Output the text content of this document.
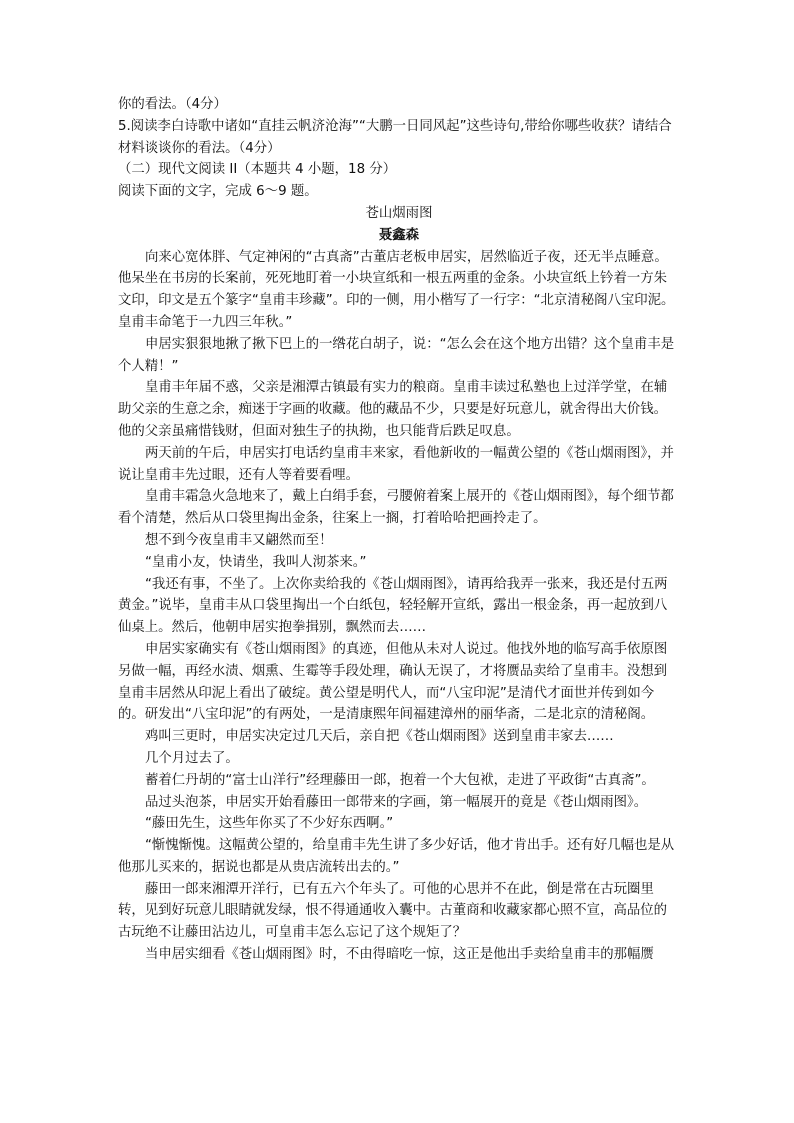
你的看法。（4分）

5.阅读李白诗歌中诸如“直挂云帆济沧海”“大鹏一日同风起”这些诗句,带给你哪些收获？请结合材料谈谈你的看法。（4分）

（二）现代文阅读 II（本题共 4 小题，18 分）

阅读下面的文字，完成 6～9 题。

苍山烟雨图

聂鑫森

向来心宽体胖、气定神闲的“古真斋”古董店老板申居实，居然临近子夜，还无半点睡意。他呆坐在书房的长案前，死死地盯着一小块宣纸和一根五两重的金条。小块宣纸上钤着一方朱文印，印文是五个篆字“皇甫丰珍藏”。印的一侧，用小楷写了一行字：“北京清秘阁八宝印泥。皇甫丰命笔于一九四三年秋。”

申居实狠狠地揪了揪下巴上的一绺花白胡子，说：“怎么会在这个地方出错？这个皇甫丰是个人精！”

皇甫丰年届不惑，父亲是湘潭古镇最有实力的粮商。皇甫丰读过私塾也上过洋学堂，在辅助父亲的生意之余，痴迷于字画的收藏。他的藏品不少，只要是好玩意儿，就舍得出大价钱。他的父亲虽痛惜钱财，但面对独生子的执拗，也只能背后跌足叹息。

两天前的午后，申居实打电话约皇甫丰来家，看他新收的一幅黄公望的《苍山烟雨图》，并说让皇甫丰先过眼，还有人等着要看哩。

皇甫丰霜急火急地来了，戴上白绢手套，弓腰俯着案上展开的《苍山烟雨图》，每个细节都看个清楚，然后从口袋里掏出金条，往案上一搁，打着哈哈把画拎走了。

想不到今夜皇甫丰又翩然而至！

“皇甫小友，快请坐，我叫人沏茶来。”

“我还有事，不坐了。上次你卖给我的《苍山烟雨图》，请再给我弄一张来，我还是付五两黄金。”说毕，皇甫丰从口袋里掏出一个白纸包，轻轻解开宣纸，露出一根金条，再一起放到八仙桌上。然后，他朝申居实抱拳揖别，飘然而去……

申居实家确实有《苍山烟雨图》的真迹，但他从未对人说过。他找外地的临写高手依原图另做一幅，再经水渍、烟熏、生霉等手段处理，确认无误了，才将赝品卖给了皇甫丰。没想到皇甫丰居然从印泥上看出了破绽。黄公望是明代人，而“八宝印泥”是清代才面世并传到如今的。研发出“八宝印泥”的有两处，一是清康熙年间福建漳州的丽华斋，二是北京的清秘阁。

鸡叫三更时，申居实决定过几天后，亲自把《苍山烟雨图》送到皇甫丰家去……

几个月过去了。

蓄着仁丹胡的“富士山洋行”经理藤田一郎，抱着一个大包袱，走进了平政街“古真斋”。

品过头泡茶，申居实开始看藤田一郎带来的字画，第一幅展开的竟是《苍山烟雨图》。

“藤田先生，这些年你买了不少好东西啊。”

“惭愧惭愧。这幅黄公望的，给皇甫丰先生讲了多少好话，他才肯出手。还有好几幅也是从他那儿买来的，据说也都是从贵店流转出去的。”

藤田一郎来湘潭开洋行，已有五六个年头了。可他的心思并不在此，倒是常在古玩圈里转，见到好玩意儿眼睛就发绿，恨不得通通收入囊中。古董商和收藏家都心照不宣，高品位的古玩绝不让藤田沾边儿，可皇甫丰怎么忘记了这个规矩了？

当申居实细看《苍山烟雨图》时，不由得暗吃一惊，这正是他出手卖给皇甫丰的那幅赝
